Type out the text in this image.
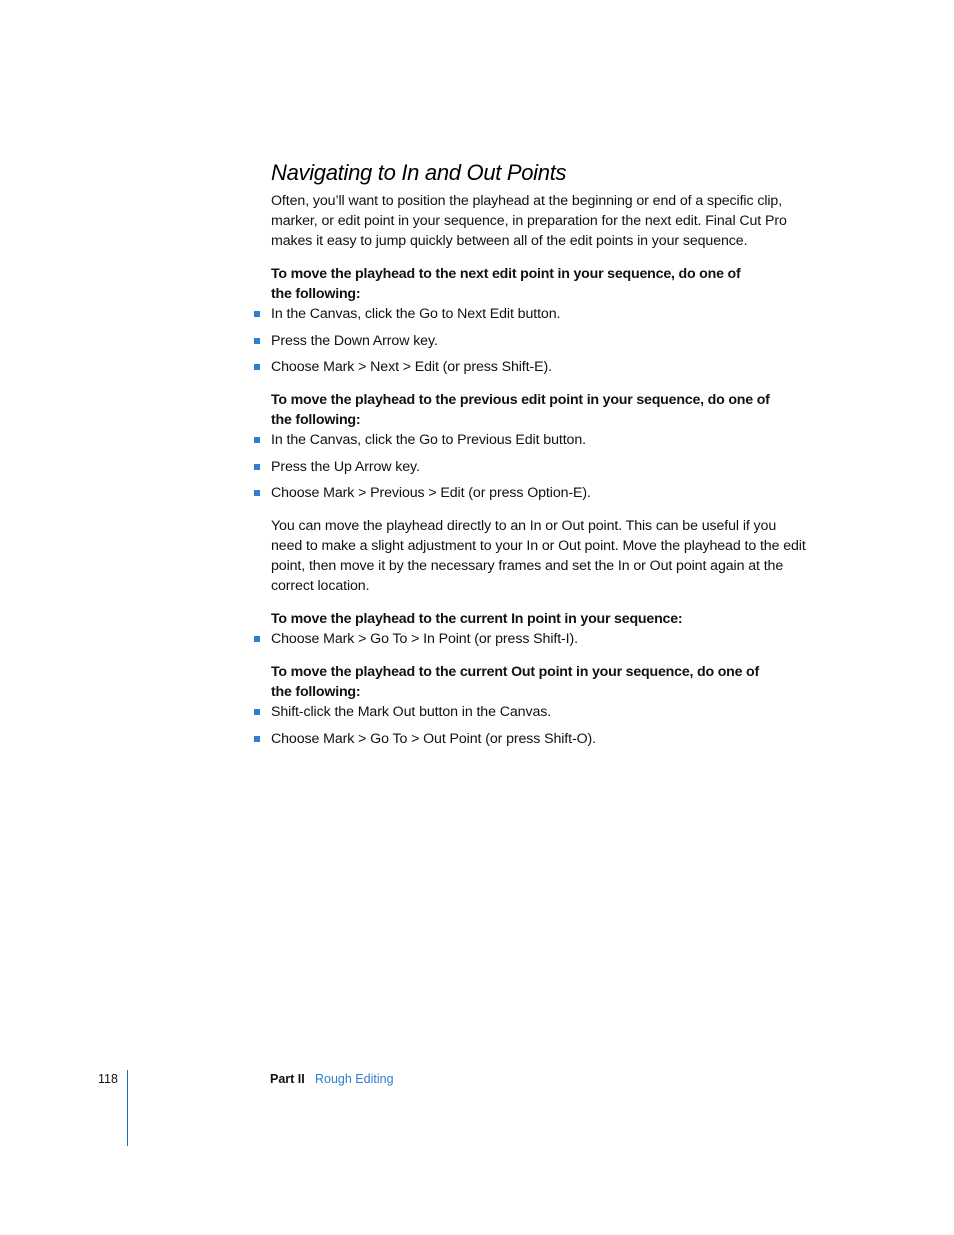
Navigating to In and Out Points

Often, you’ll want to position the playhead at the beginning or end of a specific clip, marker, or edit point in your sequence, in preparation for the next edit. Final Cut Pro makes it easy to jump quickly between all of the edit points in your sequence.

To move the playhead to the next edit point in your sequence, do one of the following:

In the Canvas, click the Go to Next Edit button.
Press the Down Arrow key.
Choose Mark > Next > Edit (or press Shift-E).

To move the playhead to the previous edit point in your sequence, do one of the following:

In the Canvas, click the Go to Previous Edit button.
Press the Up Arrow key.
Choose Mark > Previous > Edit (or press Option-E).

You can move the playhead directly to an In or Out point. This can be useful if you need to make a slight adjustment to your In or Out point. Move the playhead to the edit point, then move it by the necessary frames and set the In or Out point again at the correct location.

To move the playhead to the current In point in your sequence:

Choose Mark > Go To > In Point (or press Shift-I).

To move the playhead to the current Out point in your sequence, do one of the following:

Shift-click the Mark Out button in the Canvas.
Choose Mark > Go To > Out Point (or press Shift-O).
118	Part II Rough Editing
